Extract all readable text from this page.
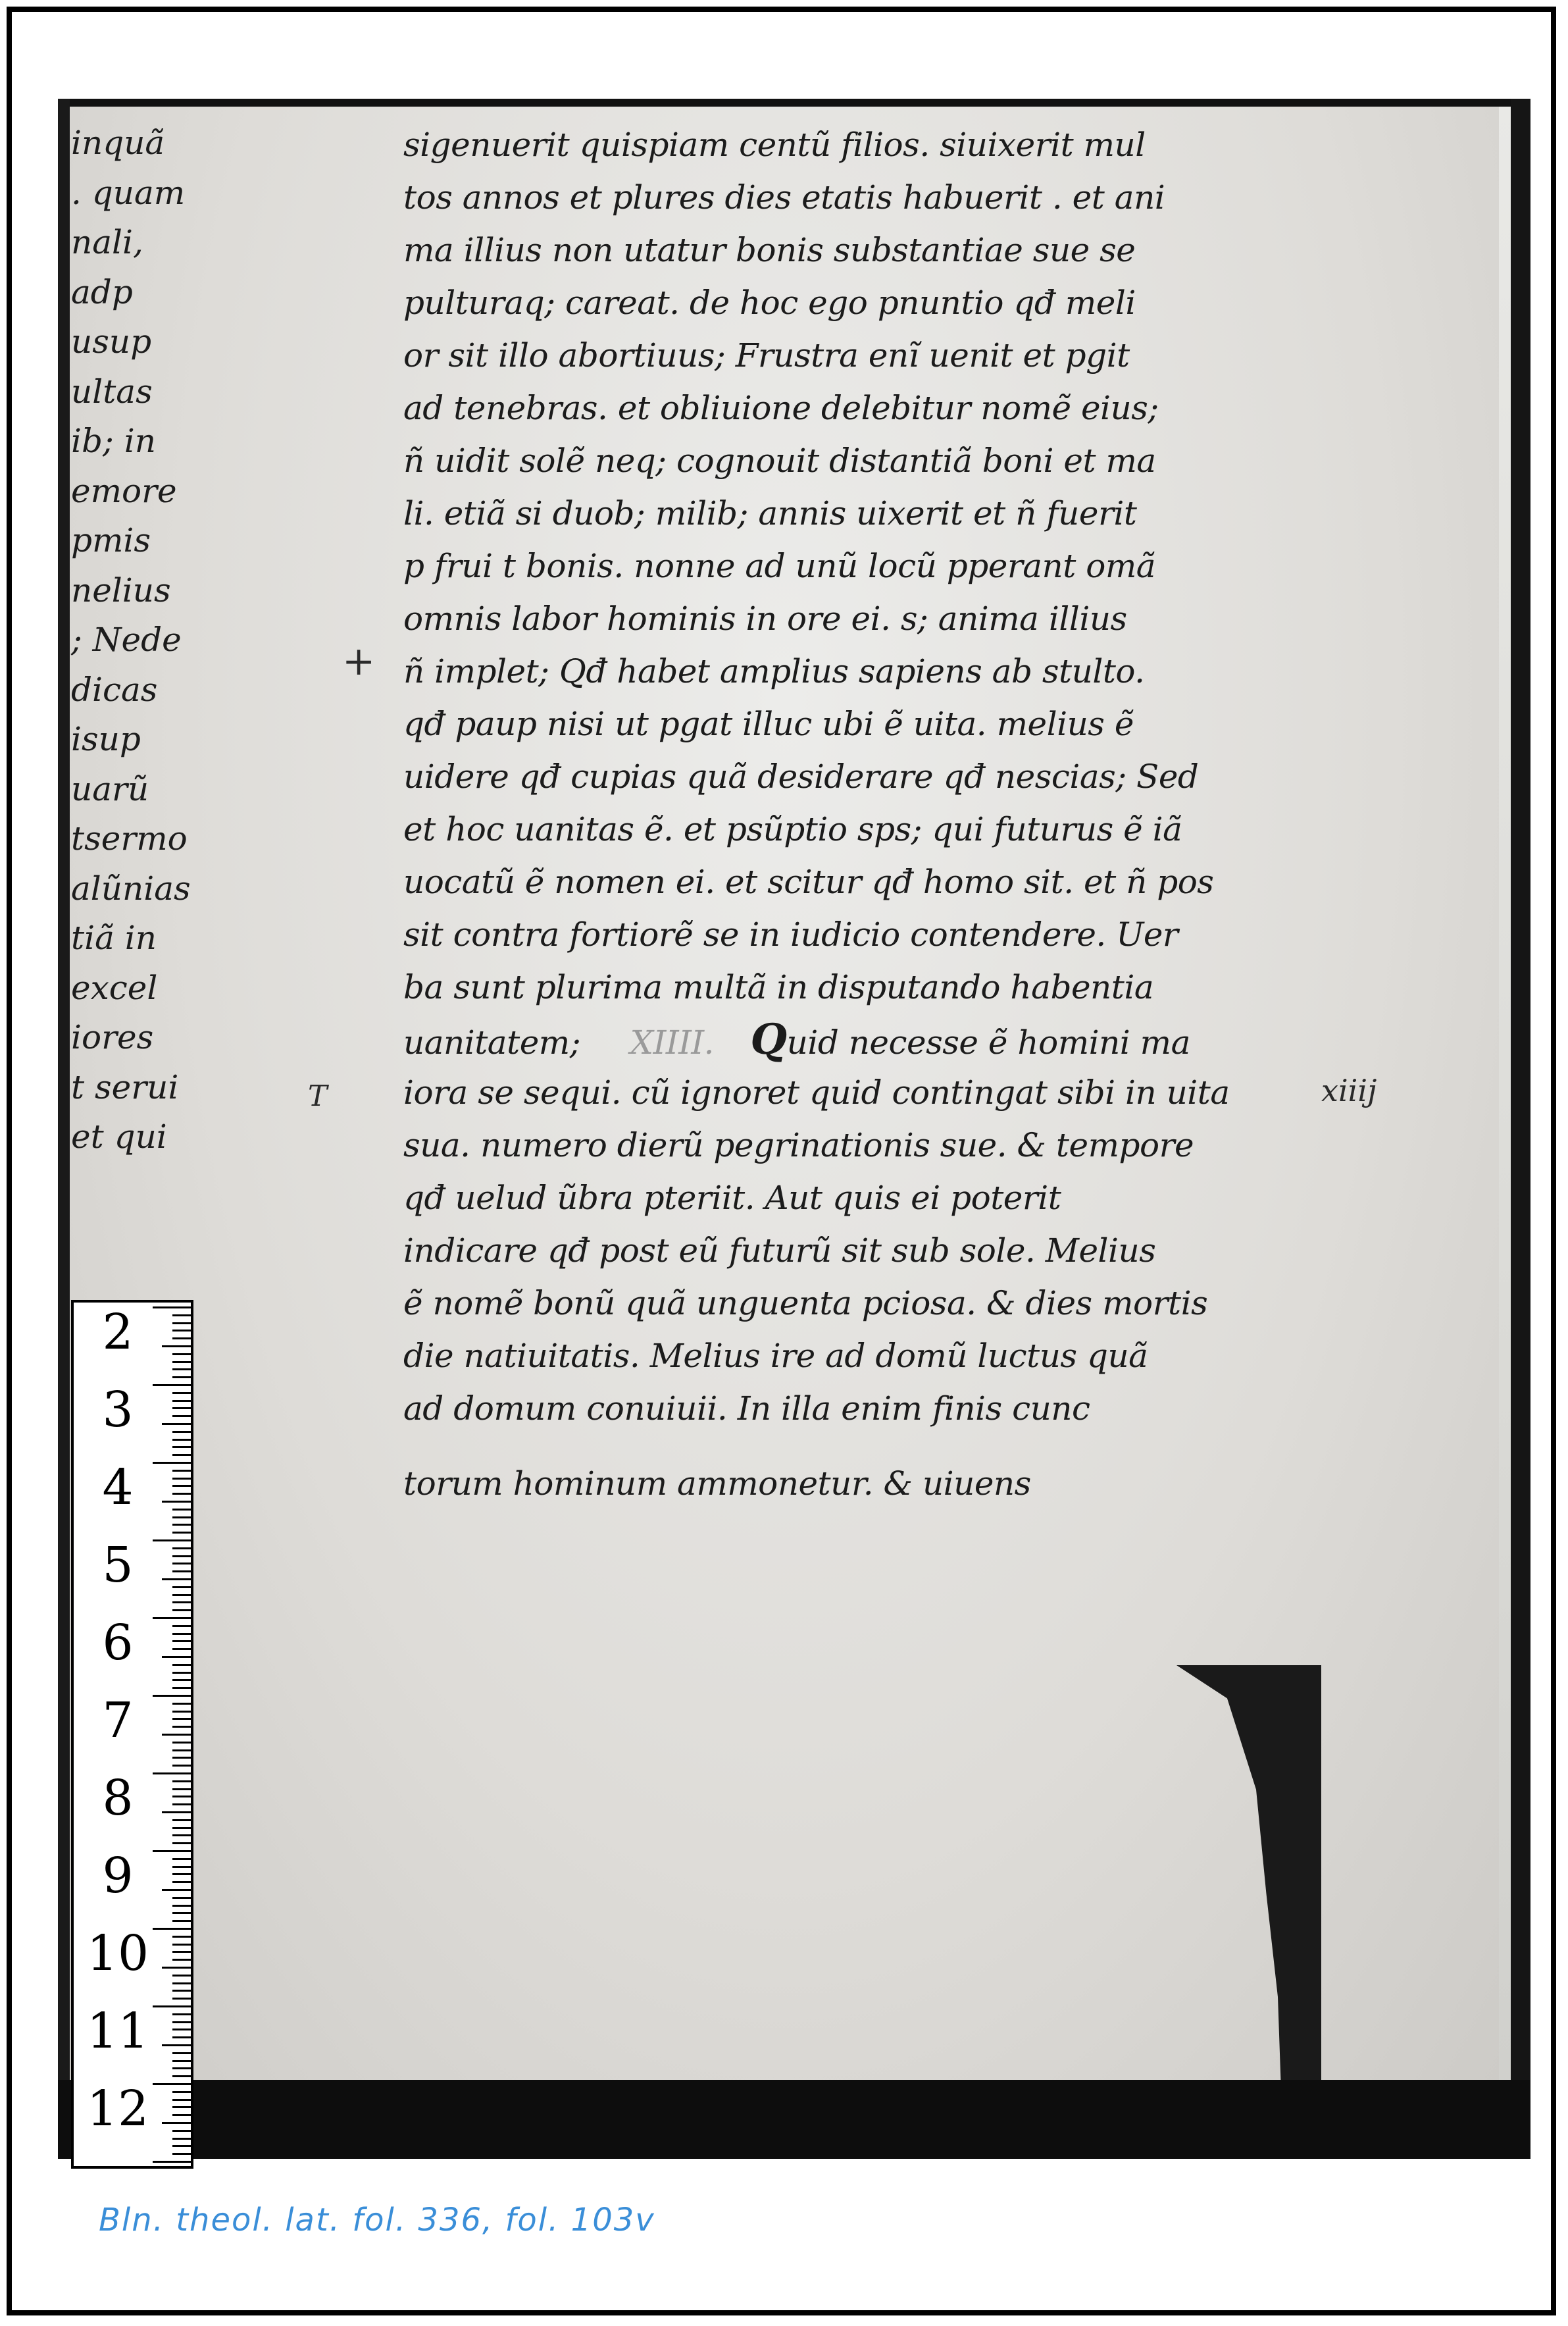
inquã
. quam
nali,
adp
usup
ultas
ib; in
emore
pmis
nelius
; Nede
dicas
isup
uarũ
tsermo
alũnias
tiã in
excel
iores
t serui
et qui
+
T	xiiij
sigenuerit quispiam centũ filios. siuixerit mul
tos annos et plures dies etatis habuerit . et ani
ma illius non utatur bonis substantiae sue se
pulturaq; careat. de hoc ego pnuntio qđ meli
or sit illo abortiuus; Frustra enĩ uenit et pgit
ad tenebras. et obliuione delebitur nomẽ eius;
ñ uidit solẽ neq; cognouit distantiã boni et ma
li. etiã si duob; milib; annis uixerit et ñ fuerit
p frui t bonis. nonne ad unũ locũ pperant omã
omnis labor hominis in ore ei. s; anima illius
ñ implet; Qđ habet amplius sapiens ab stulto.
qđ paup nisi ut pgat illuc ubi ẽ uita. melius ẽ
uidere qđ cupias quã desiderare qđ nescias; Sed
et hoc uanitas ẽ. et psũptio sps; qui futurus ẽ iã
uocatũ ẽ nomen ei. et scitur qđ homo sit. et ñ pos
sit contra fortiorẽ se in iudicio contendere. Uer
ba sunt plurima multã in disputando habentia
uanitatem; XIIII. Quid necesse ẽ homini ma
iora se sequi. cũ ignoret quid contingat sibi in uita
sua. numero dierũ pegrinationis sue. & tempore
qđ uelud ũbra pteriit. Aut quis ei poterit
indicare qđ post eũ futurũ sit sub sole. Melius
ẽ nomẽ bonũ quã unguenta pciosa. & dies mortis
die natiuitatis. Melius ire ad domũ luctus quã
ad domum conuiuii. In illa enim finis cunc
torum hominum ammonetur. & uiuens
2
3
4
5
6
7
8
9
10
11
12
Bln. theol. lat. fol. 336, fol. 103v
